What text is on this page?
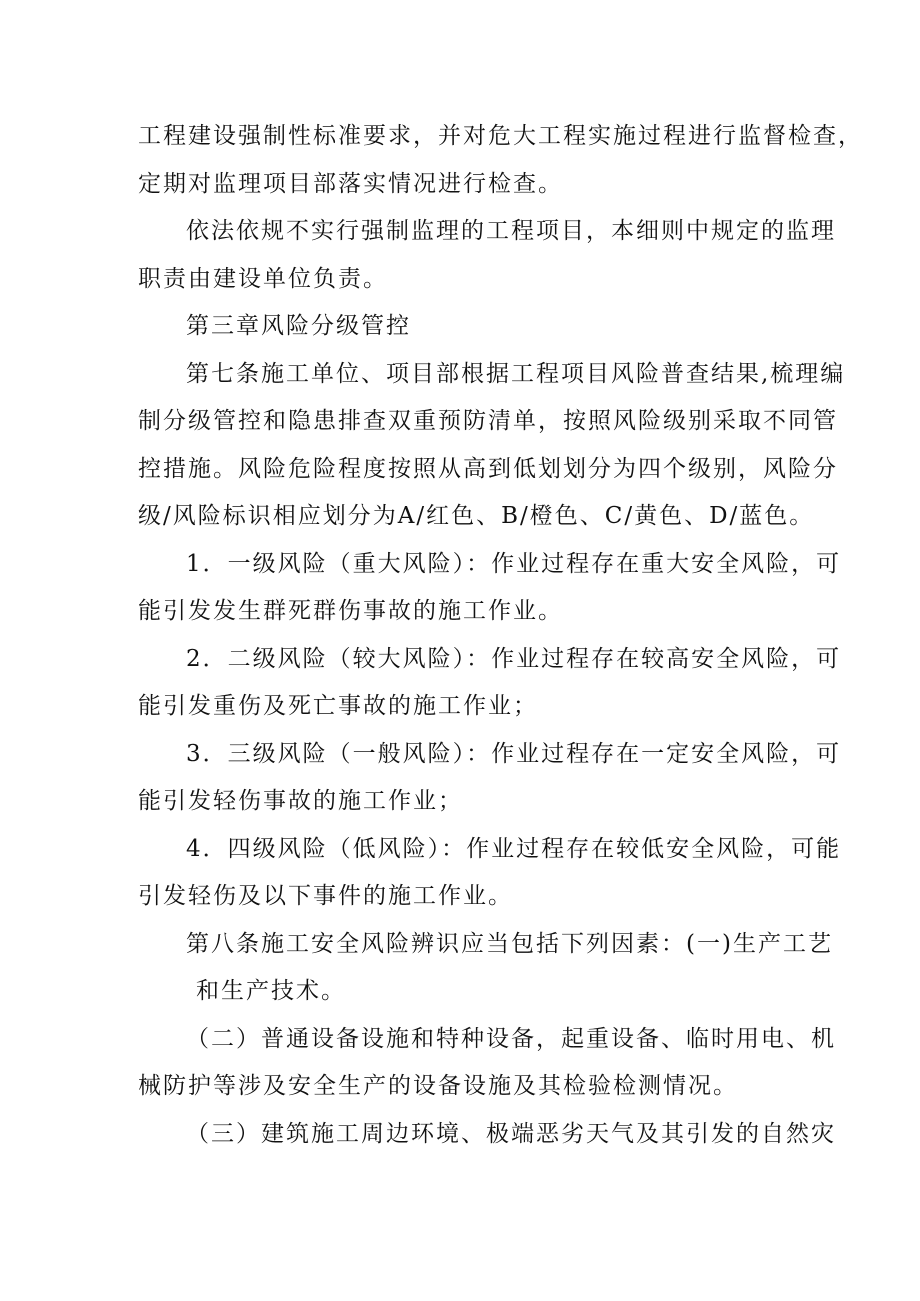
工程建设强制性标准要求，并对危大工程实施过程进行监督检查，
定期对监理项目部落实情况进行检查。
依法依规不实行强制监理的工程项目，本细则中规定的监理
职责由建设单位负责。
第三章风险分级管控
第七条施工单位、项目部根据工程项目风险普查结果,梳理编
制分级管控和隐患排查双重预防清单，按照风险级别采取不同管
控措施。风险危险程度按照从高到低划划分为四个级别，风险分
级/风险标识相应划分为A/红色、B/橙色、C/黄色、D/蓝色。
1．一级风险（重大风险）：作业过程存在重大安全风险，可
能引发发生群死群伤事故的施工作业。
2．二级风险（较大风险）：作业过程存在较高安全风险，可
能引发重伤及死亡事故的施工作业；
3．三级风险（一般风险）：作业过程存在一定安全风险，可
能引发轻伤事故的施工作业；
4．四级风险（低风险）：作业过程存在较低安全风险，可能
引发轻伤及以下事件的施工作业。
第八条施工安全风险辨识应当包括下列因素：(一)生产工艺
和生产技术。
（二）普通设备设施和特种设备，起重设备、临时用电、机
械防护等涉及安全生产的设备设施及其检验检测情况。
（三）建筑施工周边环境、极端恶劣天气及其引发的自然灾
